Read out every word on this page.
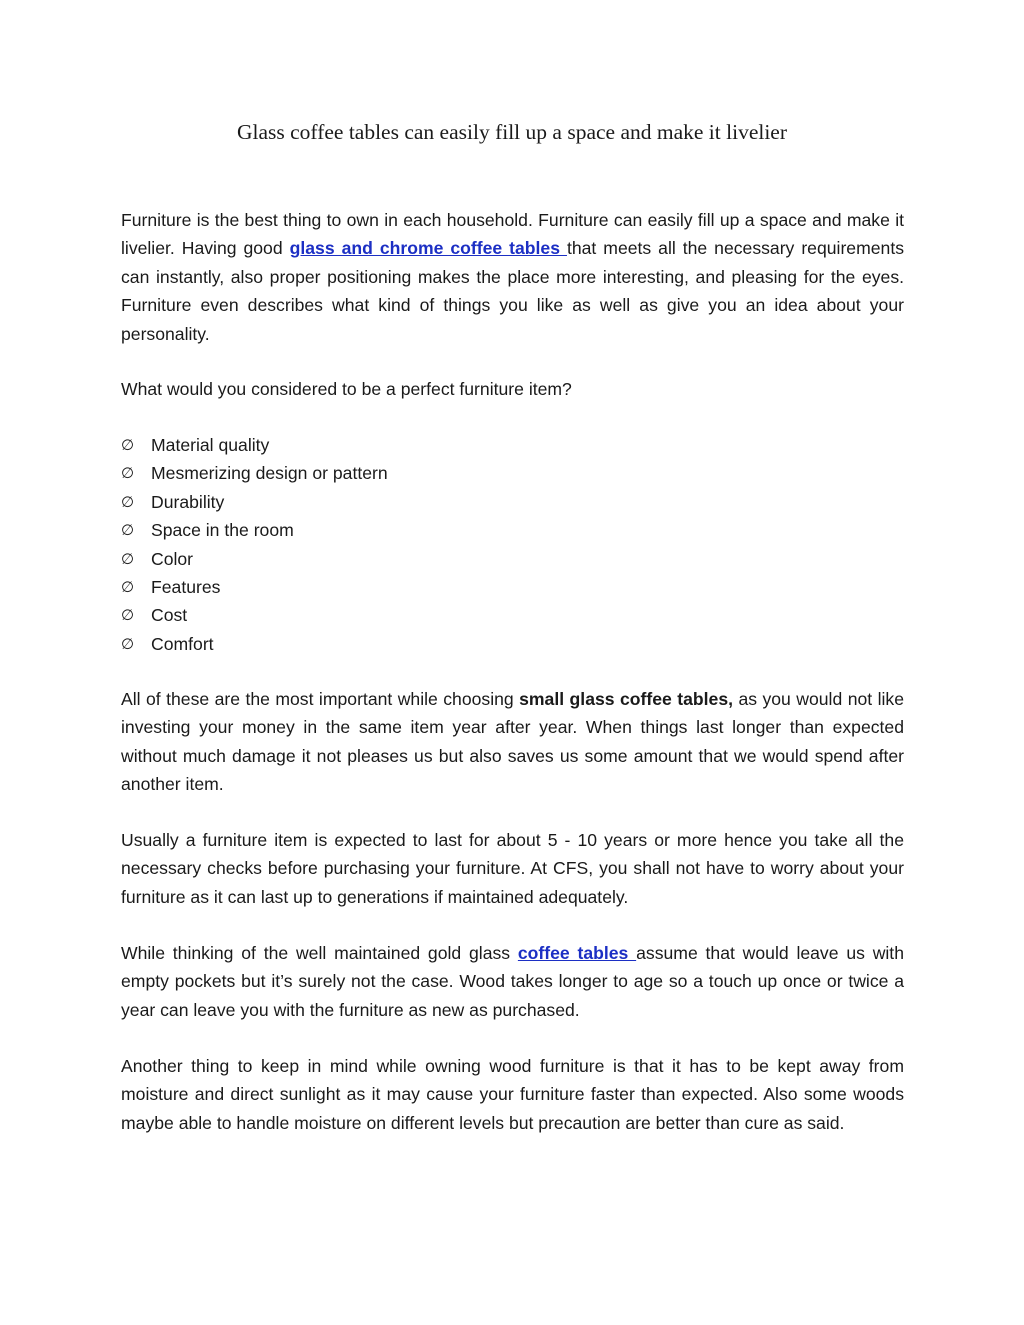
Glass coffee tables can easily fill up a space and make it livelier

Furniture is the best thing to own in each household. Furniture can easily fill up a space and make it livelier. Having good glass and chrome coffee tables that meets all the necessary requirements can instantly, also proper positioning makes the place more interesting, and pleasing for the eyes. Furniture even describes what kind of things you like as well as give you an idea about your personality.

What would you considered to be a perfect furniture item?

∅ Material quality
∅ Mesmerizing design or pattern
∅ Durability
∅ Space in the room
∅ Color
∅ Features
∅ Cost
∅ Comfort

All of these are the most important while choosing small glass coffee tables, as you would not like investing your money in the same item year after year. When things last longer than expected without much damage it not pleases us but also saves us some amount that we would spend after another item.

Usually a furniture item is expected to last for about 5 - 10 years or more hence you take all the necessary checks before purchasing your furniture. At CFS, you shall not have to worry about your furniture as it can last up to generations if maintained adequately.

While thinking of the well maintained gold glass coffee tables assume that would leave us with empty pockets but it’s surely not the case. Wood takes longer to age so a touch up once or twice a year can leave you with the furniture as new as purchased.

Another thing to keep in mind while owning wood furniture is that it has to be kept away from moisture and direct sunlight as it may cause your furniture faster than expected. Also some woods maybe able to handle moisture on different levels but precaution are better than cure as said.
